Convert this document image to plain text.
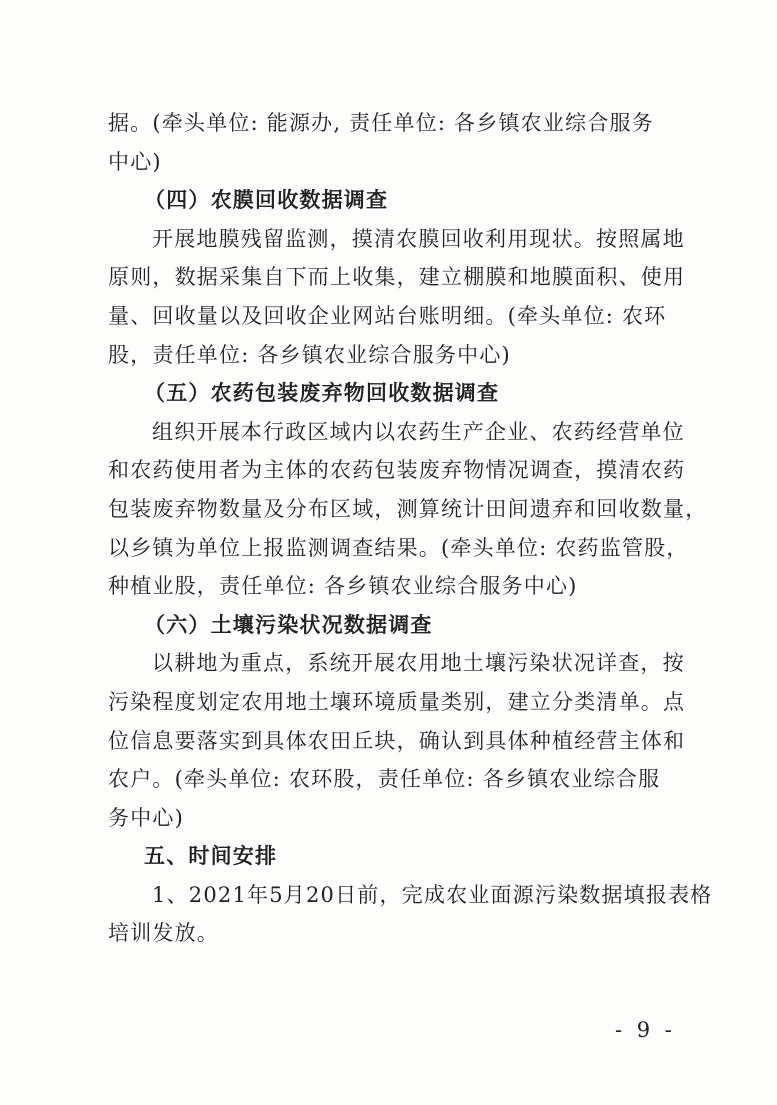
据。(牵头单位: 能源办, 责任单位: 各乡镇农业综合服务

中心)

（四）农膜回收数据调查

开展地膜残留监测，摸清农膜回收利用现状。按照属地

原则，数据采集自下而上收集，建立棚膜和地膜面积、使用

量、回收量以及回收企业网站台账明细。(牵头单位: 农环

股，责任单位: 各乡镇农业综合服务中心)

（五）农药包装废弃物回收数据调查

组织开展本行政区域内以农药生产企业、农药经营单位

和农药使用者为主体的农药包装废弃物情况调查，摸清农药

包装废弃物数量及分布区域，测算统计田间遗弃和回收数量，

以乡镇为单位上报监测调查结果。(牵头单位: 农药监管股，

种植业股，责任单位: 各乡镇农业综合服务中心)

（六）土壤污染状况数据调查

以耕地为重点，系统开展农用地土壤污染状况详查，按

污染程度划定农用地土壤环境质量类别，建立分类清单。点

位信息要落实到具体农田丘块，确认到具体种植经营主体和

农户。(牵头单位: 农环股，责任单位: 各乡镇农业综合服

务中心)

五、时间安排

1、2021年5月20日前，完成农业面源污染数据填报表格

培训发放。

- 9 -
